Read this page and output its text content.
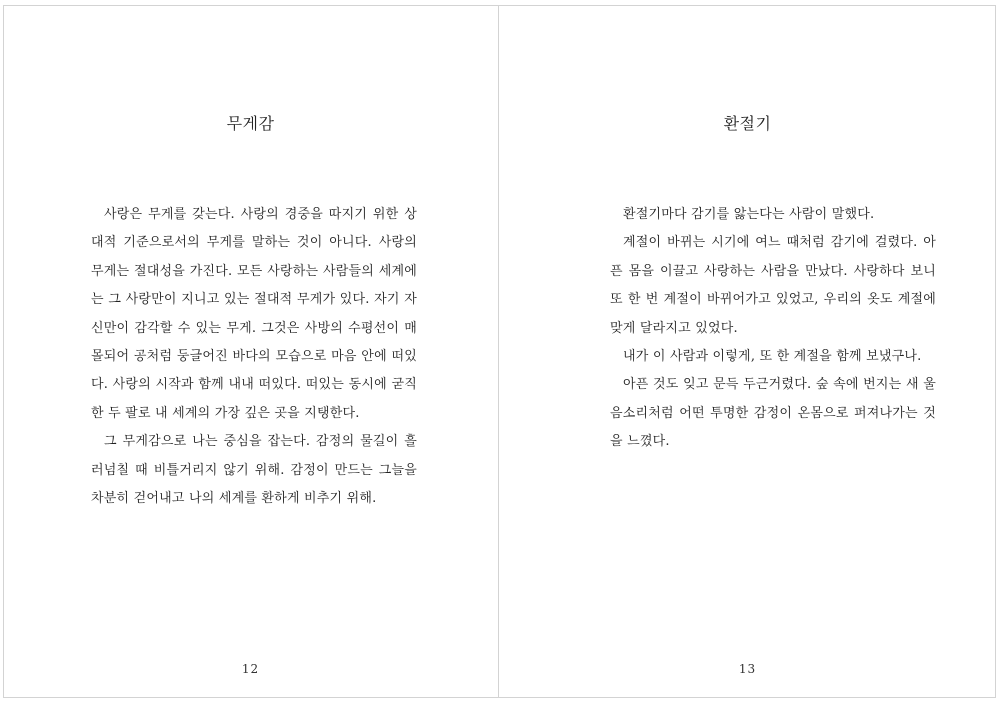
무게감

사랑은 무게를 갖는다. 사랑의 경중을 따지기 위한 상대적 기준으로서의 무게를 말하는 것이 아니다. 사랑의 무게는 절대성을 가진다. 모든 사랑하는 사람들의 세계에는 그 사랑만이 지니고 있는 절대적 무게가 있다. 자기 자신만이 감각할 수 있는 무게. 그것은 사방의 수평선이 매몰되어 공처럼 둥글어진 바다의 모습으로 마음 안에 떠있다. 사랑의 시작과 함께 내내 떠있다. 떠있는 동시에 굳직한 두 팔로 내 세계의 가장 깊은 곳을 지탱한다.

그 무게감으로 나는 중심을 잡는다. 감정의 물길이 흘러넘칠 때 비틀거리지 않기 위해. 감정이 만드는 그늘을 차분히 걷어내고 나의 세계를 환하게 비추기 위해.

12
환절기

환절기마다 감기를 앓는다는 사람이 말했다.

계절이 바뀌는 시기에 여느 때처럼 감기에 걸렸다. 아픈 몸을 이끌고 사랑하는 사람을 만났다. 사랑하다 보니 또 한 번 계절이 바뀌어가고 있었고, 우리의 옷도 계절에 맞게 달라지고 있었다.

내가 이 사람과 이렇게, 또 한 계절을 함께 보냈구나.

아픈 것도 잊고 문득 두근거렸다. 숲 속에 번지는 새 울음소리처럼 어떤 투명한 감정이 온몸으로 퍼져나가는 것을 느꼈다.

13
